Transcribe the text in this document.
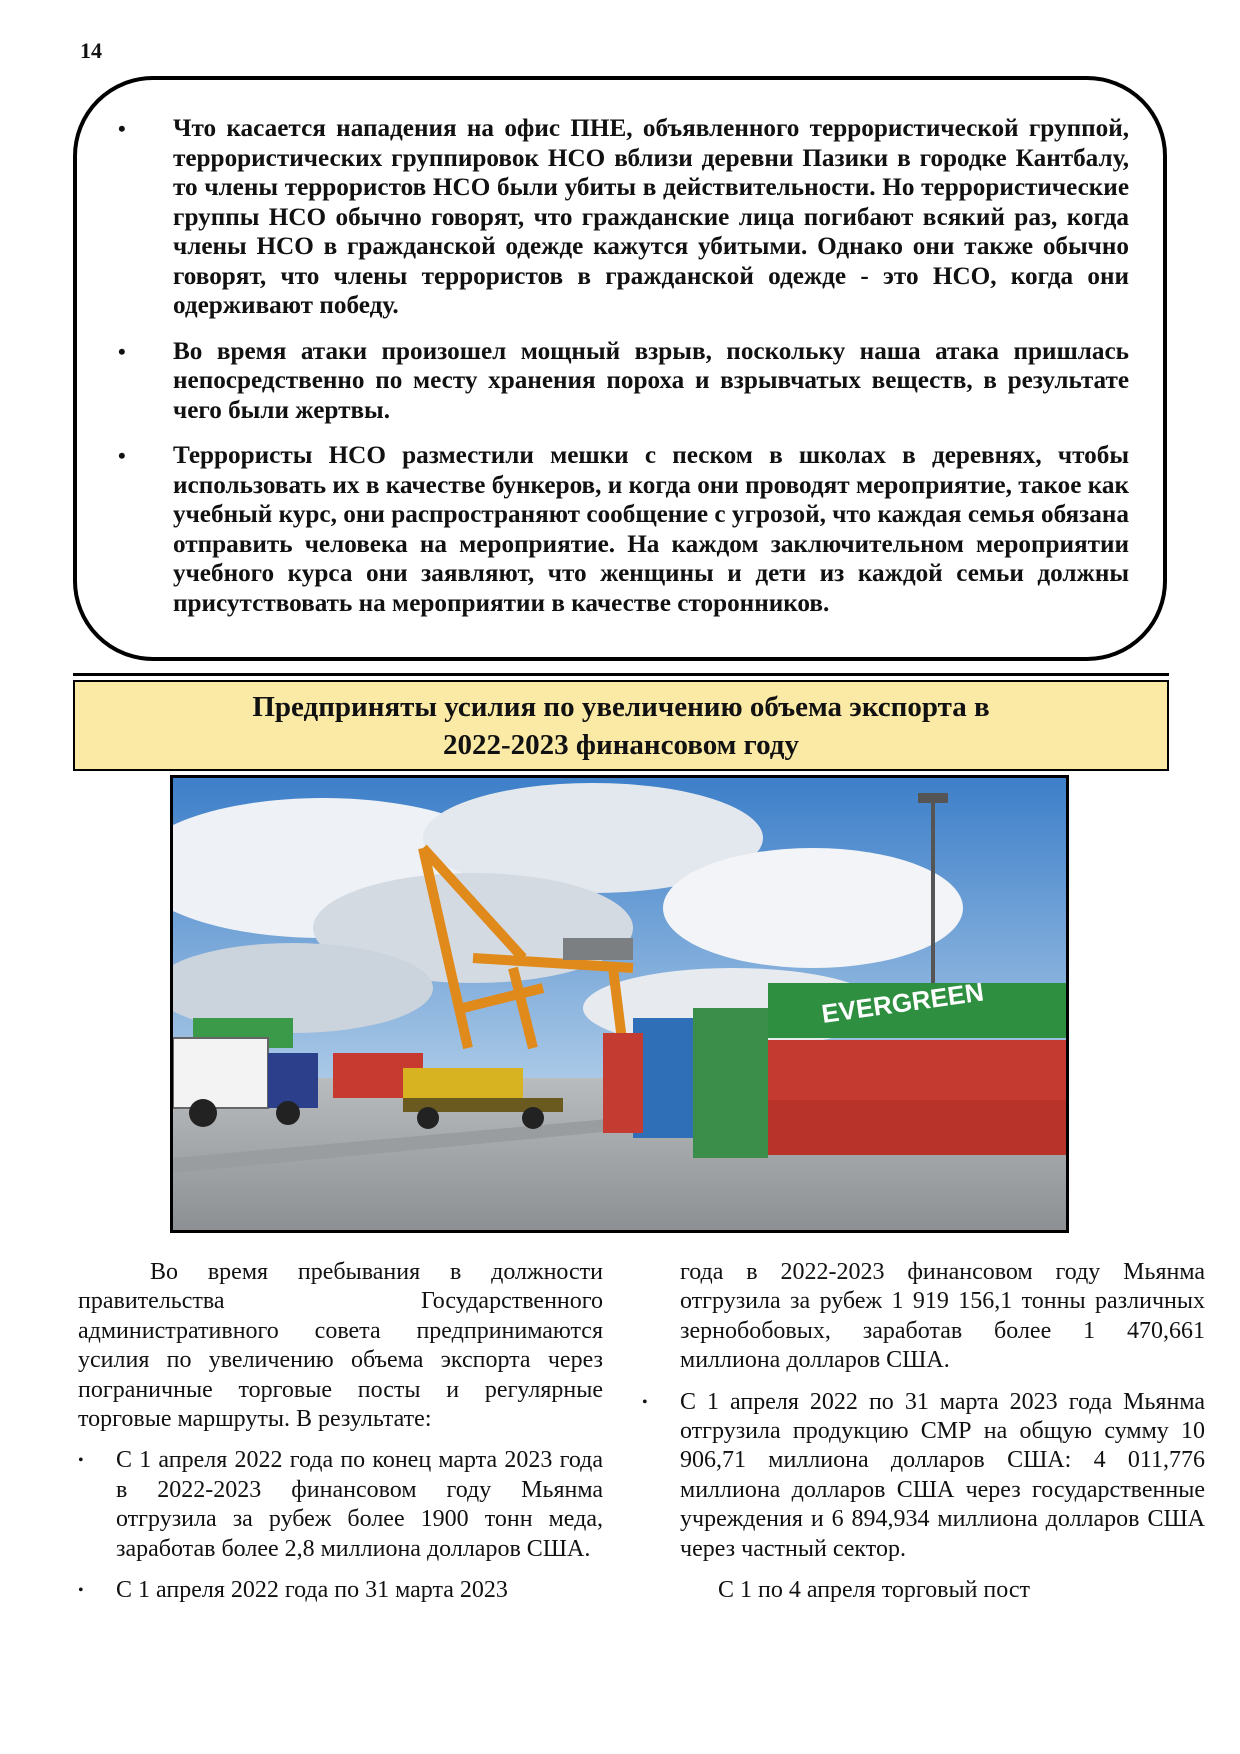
14
• Что касается нападения на офис ПНЕ, объявленного террористической группой, террористических группировок НСО вблизи деревни Пазики в городке Кантбалу, то члены террористов НСО были убиты в действительности. Но террористические группы НСО обычно говорят, что гражданские лица погибают всякий раз, когда члены НСО в гражданской одежде кажутся убитыми. Однако они также обычно говорят, что члены террористов в гражданской одежде - это НСО, когда они одерживают победу.
• Во время атаки произошел мощный взрыв, поскольку наша атака пришлась непосредственно по месту хранения пороха и взрывчатых веществ, в результате чего были жертвы.
• Террористы НСО разместили мешки с песком в школах в деревнях, чтобы использовать их в качестве бункеров, и когда они проводят мероприятие, такое как учебный курс, они распространяют сообщение с угрозой, что каждая семья обязана отправить человека на мероприятие. На каждом заключительном мероприятии учебного курса они заявляют, что женщины и дети из каждой семьи должны присутствовать на мероприятии в качестве сторонников.
Предприняты усилия по увеличению объема экспорта в 2022-2023 финансовом году
EVERGREEN

Во время пребывания в должности правительства Государственного административного совета предпринимаются усилия по увеличению объема экспорта через пограничные торговые посты и регулярные торговые маршруты. В результате:

• С 1 апреля 2022 года по конец марта 2023 года в 2022-2023 финансовом году Мьянма отгрузила за рубеж более 1900 тонн меда, заработав более 2,8 миллиона долларов США.
• С 1 апреля 2022 года по 31 марта 2023

года в 2022-2023 финансовом году Мьянма отгрузила за рубеж 1 919 156,1 тонны различных зернобобовых, заработав более 1 470,661 миллиона долларов США.

• С 1 апреля 2022 по 31 марта 2023 года Мьянма отгрузила продукцию СМР на общую сумму 10 906,71 миллиона долларов США: 4 011,776 миллиона долларов США через государственные учреждения и 6 894,934 миллиона долларов США через частный сектор.

С 1 по 4 апреля торговый пост
